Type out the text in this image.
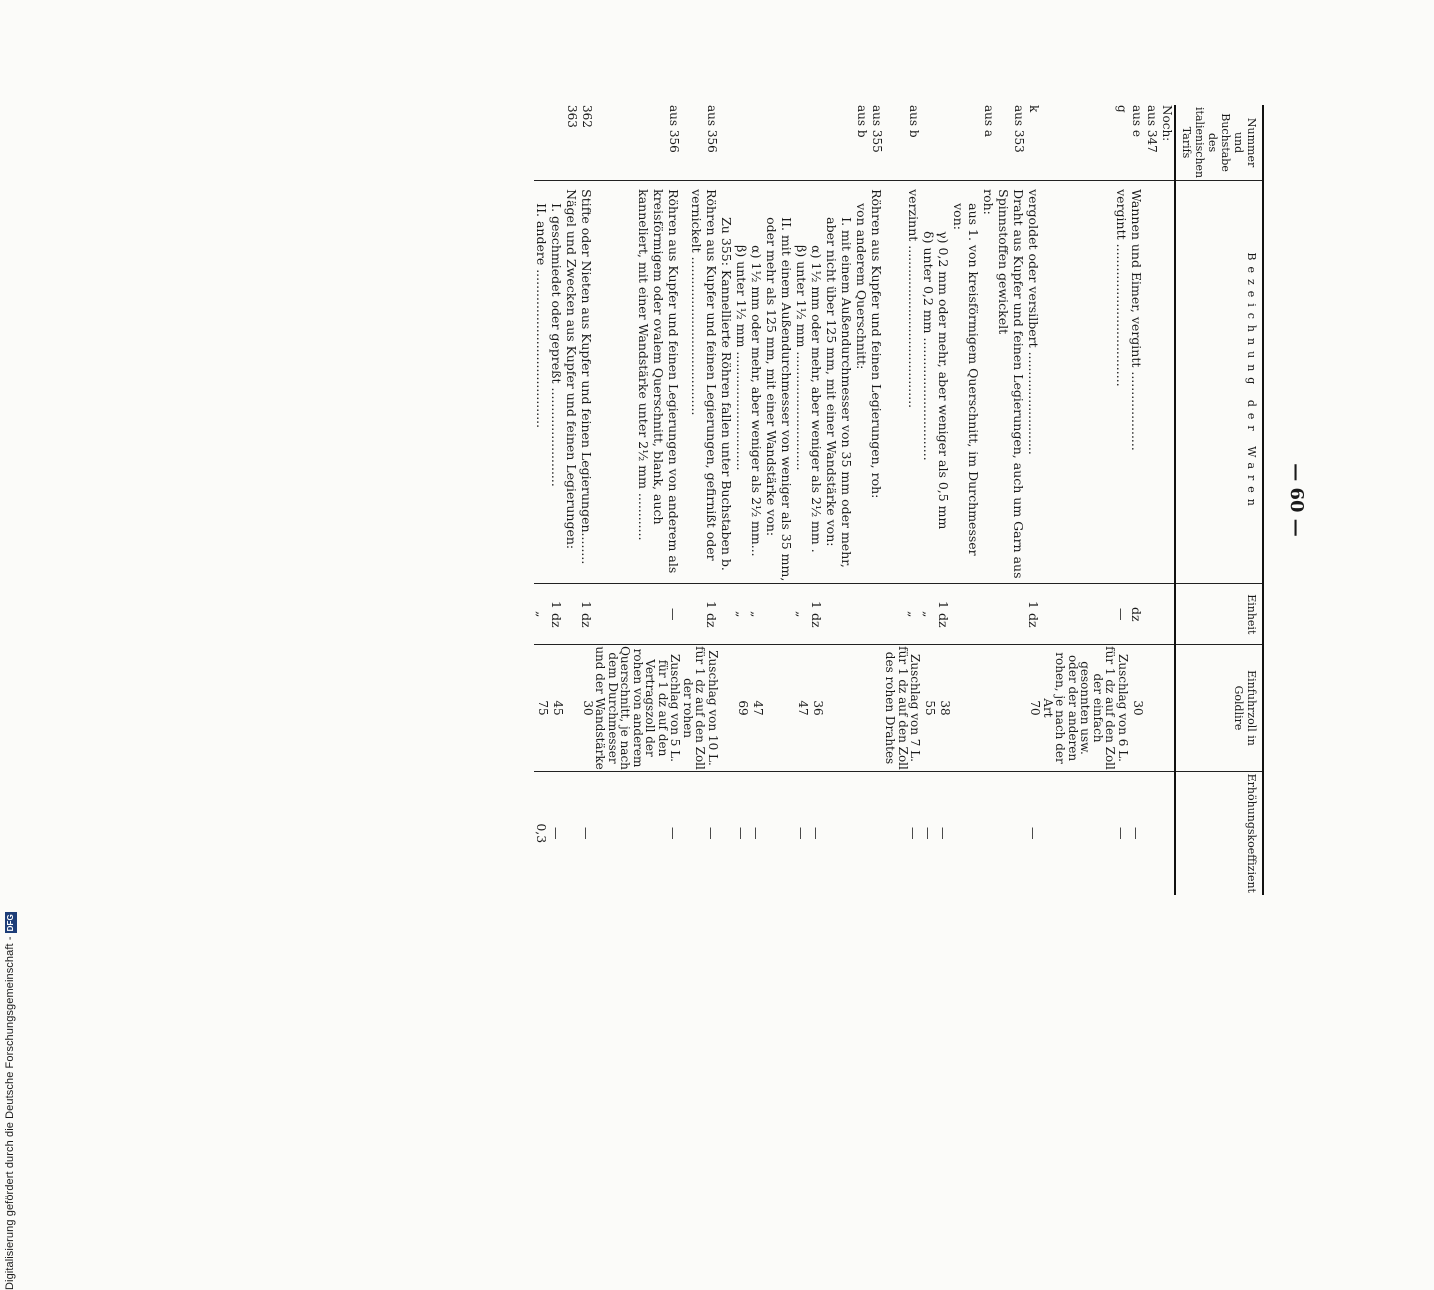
Digitalisierung gefördert durch die Deutsche Forschungsgemeinschaft -DFG
— 60 —
Nummer und Buchstabe des italienischen Tarifs	Bezeichnung der Waren	Einheit	Einfuhrzoll in Goldlire	Erhöhungskoeffizient
Noch:
aus 347				
aus e	Wannen und Eimer, vergintt ....................	dz	30	—
g	vergintt ....................................	—	Zuschlag von 6 L. für 1 dz auf den Zoll der einfach gesonnten usw. oder der anderen rohen, je nach der Art	—
k	vergoldet oder versilbert ..........................	1 dz	70	—
aus 353	Draht aus Kupfer und feinen Legierungen, auch um Garn aus Spinnstoffen gewickelt			
aus a	roh:			
	aus 1. von kreisförmigem Querschnitt, im Durchmesser von:			
	γ) 0,2 mm oder mehr, aber weniger als 0,5 mm	1 dz	38	—
	δ) unter 0,2 mm ...............................	„	55	—
aus b	verzinnt .........................................	„	Zuschlag von 7 L. für 1 dz auf den Zoll des rohen Drahtes	—
aus 355	Röhren aus Kupfer und feinen Legierungen, roh:			
aus b	von anderem Querschnitt:			
	I. mit einem Außendurchmesser von 35 mm oder mehr, aber nicht über 125 mm, mit einer Wandstärke von:			
	α) 1½ mm oder mehr, aber weniger als 2½ mm .	1 dz	36	—
	β) unter 1½ mm ..............................	„	47	—
	II. mit einem Außendurchmesser von weniger als 35 mm, oder mehr als 125 mm, mit einer Wandstärke von:			
	α) 1½ mm oder mehr, aber weniger als 2½ mm...	„	47	—
	β) unter 1½ mm ..............................	„	69	—
	Zu 355: Kannellierte Röhren fallen unter Buchstaben b.			
aus 356	Röhren aus Kupfer und feinen Legierungen, gefirnißt oder vernickelt ........................................	1 dz	Zuschlag von 10 L. für 1 dz auf den Zoll der rohen	—
aus 356	Röhren aus Kupfer und feinen Legierungen von anderem als kreisförmigem oder ovalem Querschnitt, blank, auch kanneliert, mit einer Wandstärke unter 2½ mm ............	—	Zuschlag von 5 L. für 1 dz auf den Vertragszoll der rohen von anderem Querschnitt, je nach dem Durchmesser und der Wandstärke	—
362	Stifte oder Nieten aus Kupfer und feinen Legierungen........	1 dz	30	—
363	Nägel und Zwecken aus Kupfer und feinen Legierungen:			
	I. geschmiedet oder gepreßt .........................	1 dz	45	—
	II. andere ........................................	„	75	0,3
